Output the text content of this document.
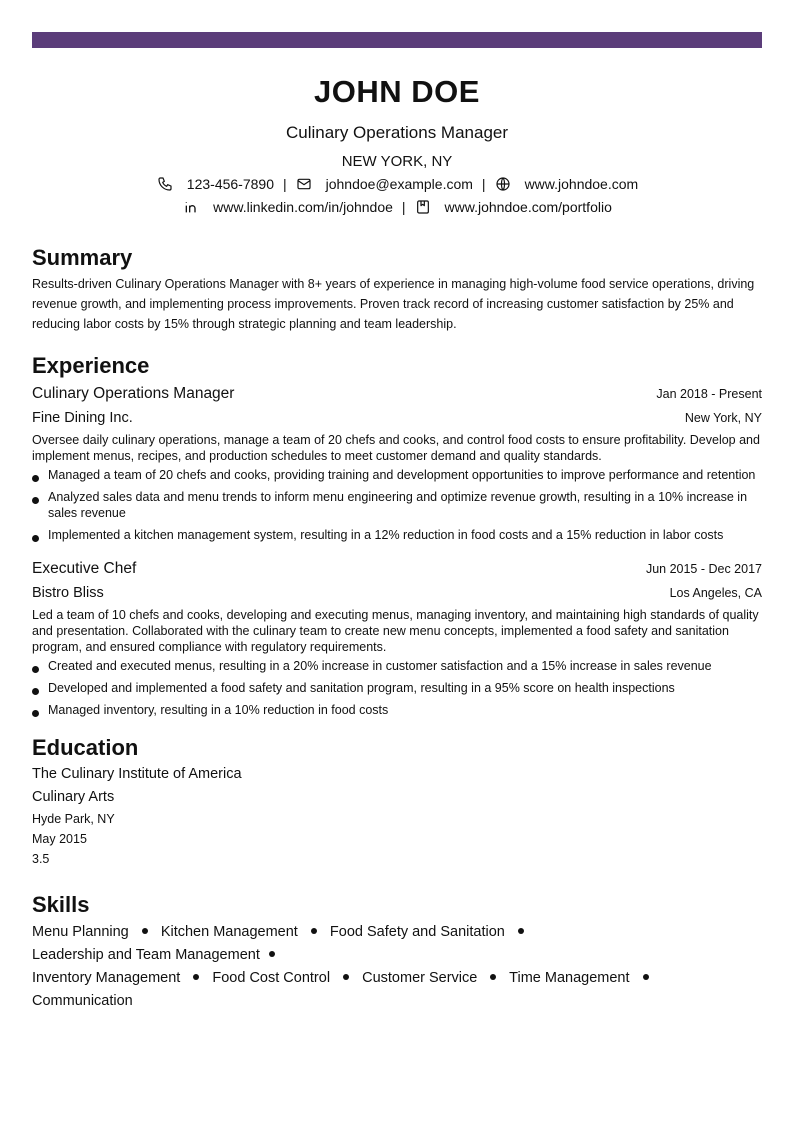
JOHN DOE
Culinary Operations Manager
NEW YORK, NY
123-456-7890 |	johndoe@example.com |	www.johndoe.com
www.linkedin.com/in/johndoe |	www.johndoe.com/portfolio
Summary
Results-driven Culinary Operations Manager with 8+ years of experience in managing high-volume food service operations, driving revenue growth, and implementing process improvements. Proven track record of increasing customer satisfaction by 25% and reducing labor costs by 15% through strategic planning and team leadership.
Experience
Culinary Operations Manager	Jan 2018 - Present
Fine Dining Inc.	New York, NY
Oversee daily culinary operations, manage a team of 20 chefs and cooks, and control food costs to ensure profitability. Develop and implement menus, recipes, and production schedules to meet customer demand and quality standards.
Managed a team of 20 chefs and cooks, providing training and development opportunities to improve performance and retention
Analyzed sales data and menu trends to inform menu engineering and optimize revenue growth, resulting in a 10% increase in sales revenue
Implemented a kitchen management system, resulting in a 12% reduction in food costs and a 15% reduction in labor costs
Executive Chef	Jun 2015 - Dec 2017
Bistro Bliss	Los Angeles, CA
Led a team of 10 chefs and cooks, developing and executing menus, managing inventory, and maintaining high standards of quality and presentation. Collaborated with the culinary team to create new menu concepts, implemented a food safety and sanitation program, and ensured compliance with regulatory requirements.
Created and executed menus, resulting in a 20% increase in customer satisfaction and a 15% increase in sales revenue
Developed and implemented a food safety and sanitation program, resulting in a 95% score on health inspections
Managed inventory, resulting in a 10% reduction in food costs
Education
The Culinary Institute of America
Culinary Arts
Hyde Park, NY
May 2015
3.5
Skills
Menu Planning Kitchen Management Food Safety and Sanitation  Leadership and Team Management
Inventory Management Food Cost Control Customer Service Time Management  Communication
